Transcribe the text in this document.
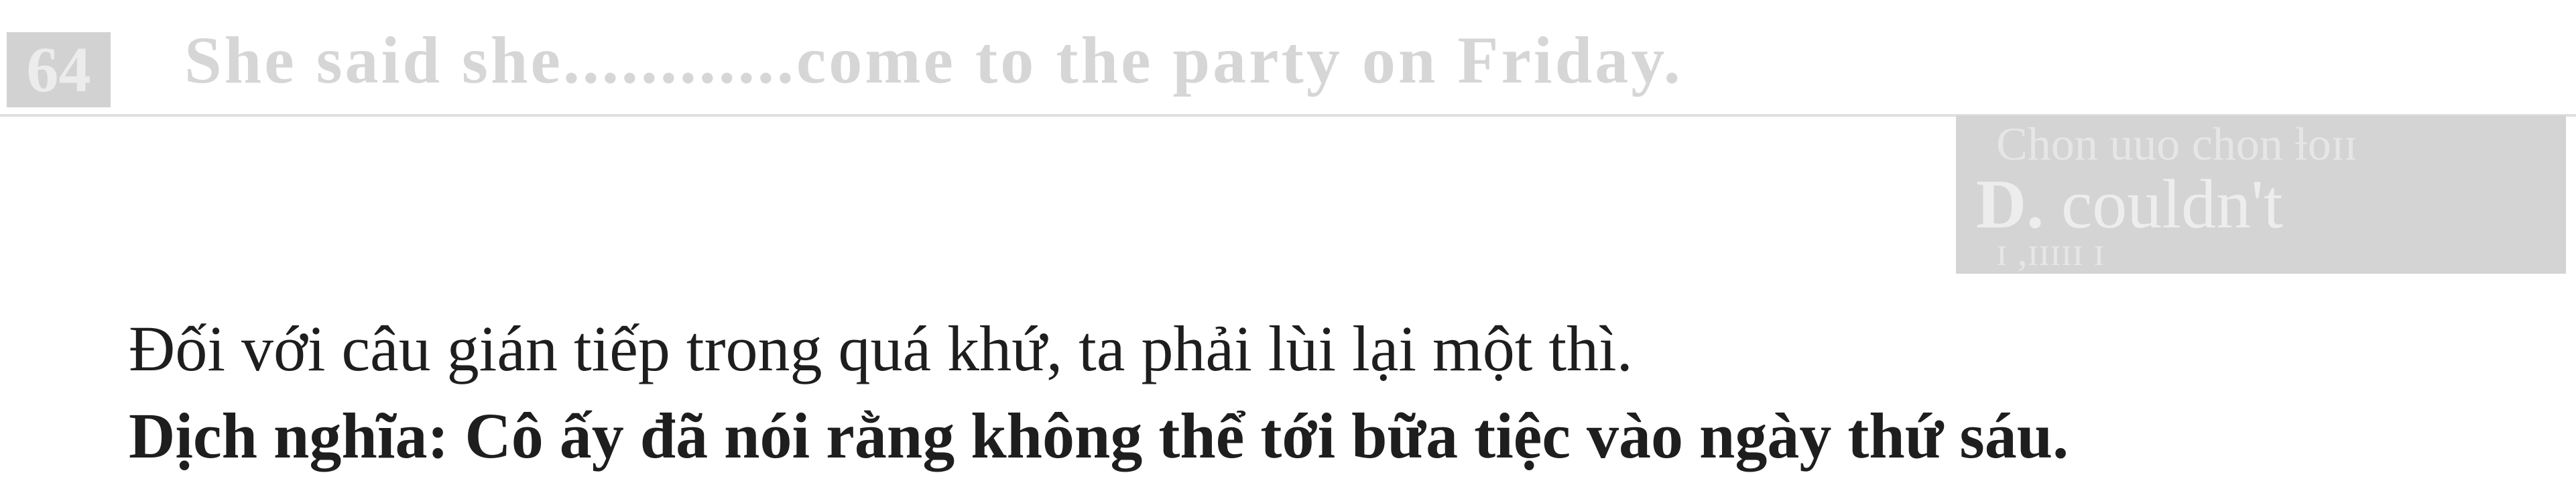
64 She said she............come to the party on Friday.
Chon uuo chon ƚoɪɪ
D. couldn't
ɪ ,ɪɪɪɪɪ ɪ
Đối với câu gián tiếp trong quá khứ, ta phải lùi lại một thì.
Dịch nghĩa: Cô ấy đã nói rằng không thể tới bữa tiệc vào ngày thứ sáu.
